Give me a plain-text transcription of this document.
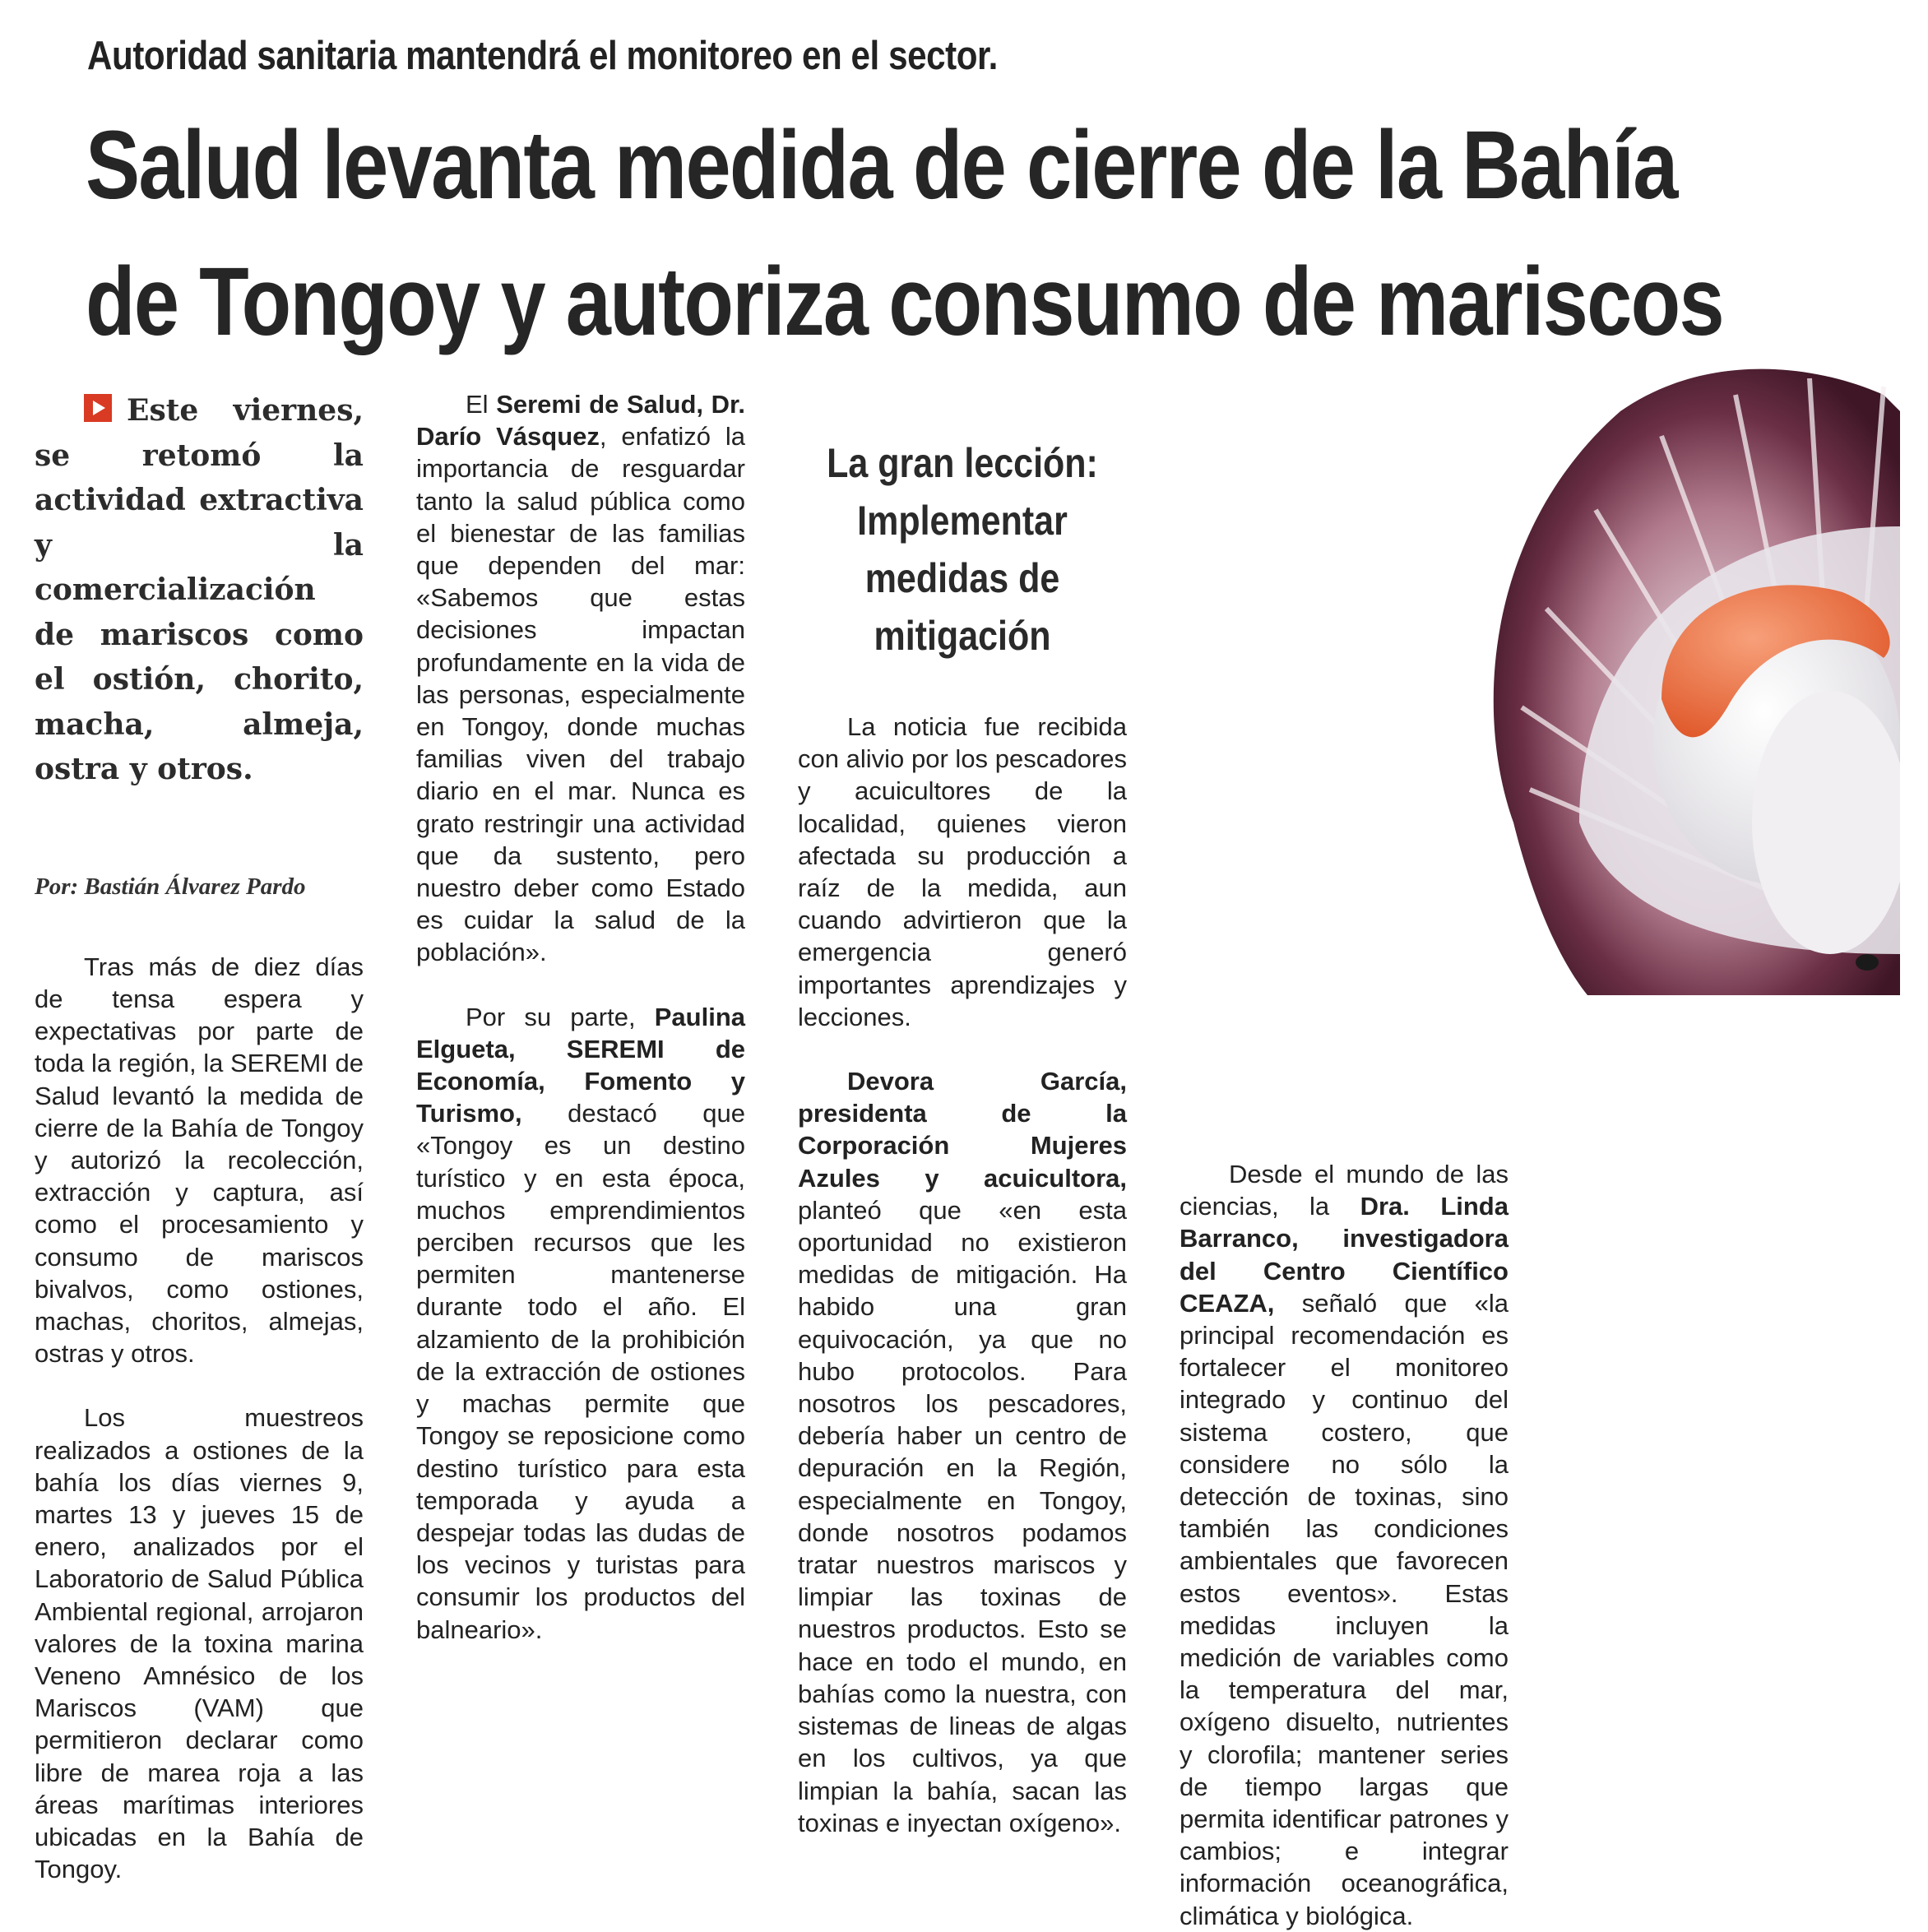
Autoridad sanitaria mantendrá el monitoreo en el sector.
Salud levanta medida de cierre de la Bahía
de Tongoy y autoriza consumo de mariscos

Este viernes, se retomó la actividad extractiva y la comercialización de mariscos como el ostión, chorito, macha, almeja, ostra y otros.

Por: Bastián Álvarez Pardo

Tras más de diez días de tensa espera y expectativas por parte de toda la región, la SEREMI de Salud levantó la medida de cierre de la Bahía de Tongoy y autorizó la recolección, extracción y captura, así como el procesamiento y consumo de mariscos bivalvos, como ostiones, machas, choritos, almejas, ostras y otros.

Los muestreos realizados a ostiones de la bahía los días viernes 9, martes 13 y jueves 15 de enero, analizados por el Laboratorio de Salud Pública Ambiental regional, arrojaron valores de la toxina marina Veneno Amnésico de los Mariscos (VAM) que permitieron declarar como libre de marea roja a las áreas marítimas interiores ubicadas en la Bahía de Tongoy.

El Seremi de Salud, Dr. Darío Vásquez, enfatizó la importancia de resguardar tanto la salud pública como el bienestar de las familias que dependen del mar: «Sabemos que estas decisiones impactan profundamente en la vida de las personas, especialmente en Tongoy, donde muchas familias viven del trabajo diario en el mar. Nunca es grato restringir una actividad que da sustento, pero nuestro deber como Estado es cuidar la salud de la población».

Por su parte, Paulina Elgueta, SEREMI de Economía, Fomento y Turismo, destacó que «Tongoy es un destino turístico y en esta época, muchos emprendimientos perciben recursos que les permiten mantenerse durante todo el año. El alzamiento de la prohibición de la extracción de ostiones y machas permite que Tongoy se reposicione como destino turístico para esta temporada y ayuda a despejar todas las dudas de los vecinos y turistas para consumir los productos del balneario».

La gran lección:
Implementar
medidas de
mitigación

La noticia fue recibida con alivio por los pescadores y acuicultores de la localidad, quienes vieron afectada su producción a raíz de la medida, aun cuando advirtieron que la emergencia generó importantes aprendizajes y lecciones.

Devora García, presidenta de la Corporación Mujeres Azules y acuicultora, planteó que «en esta oportunidad no existieron medidas de mitigación. Ha habido una gran equivocación, ya que no hubo protocolos. Para nosotros los pescadores, debería haber un centro de depuración en la Región, especialmente en Tongoy, donde nosotros podamos tratar nuestros mariscos y limpiar las toxinas de nuestros productos. Esto se hace en todo el mundo, en bahías como la nuestra, con sistemas de lineas de algas en los cultivos, ya que limpian la bahía, sacan las toxinas e inyectan oxígeno».

Desde el mundo de las ciencias, la Dra. Linda Barranco, investigadora del Centro Científico CEAZA, señaló que «la principal recomendación es fortalecer el monitoreo integrado y continuo del sistema costero, que considere no sólo la detección de toxinas, sino también las condiciones ambientales que favorecen estos eventos». Estas medidas incluyen la medición de variables como la temperatura del mar, oxígeno disuelto, nutrientes y clorofila; mantener series de tiempo largas que permita identificar patrones y cambios; e integrar información oceanográfica, climática y biológica.
